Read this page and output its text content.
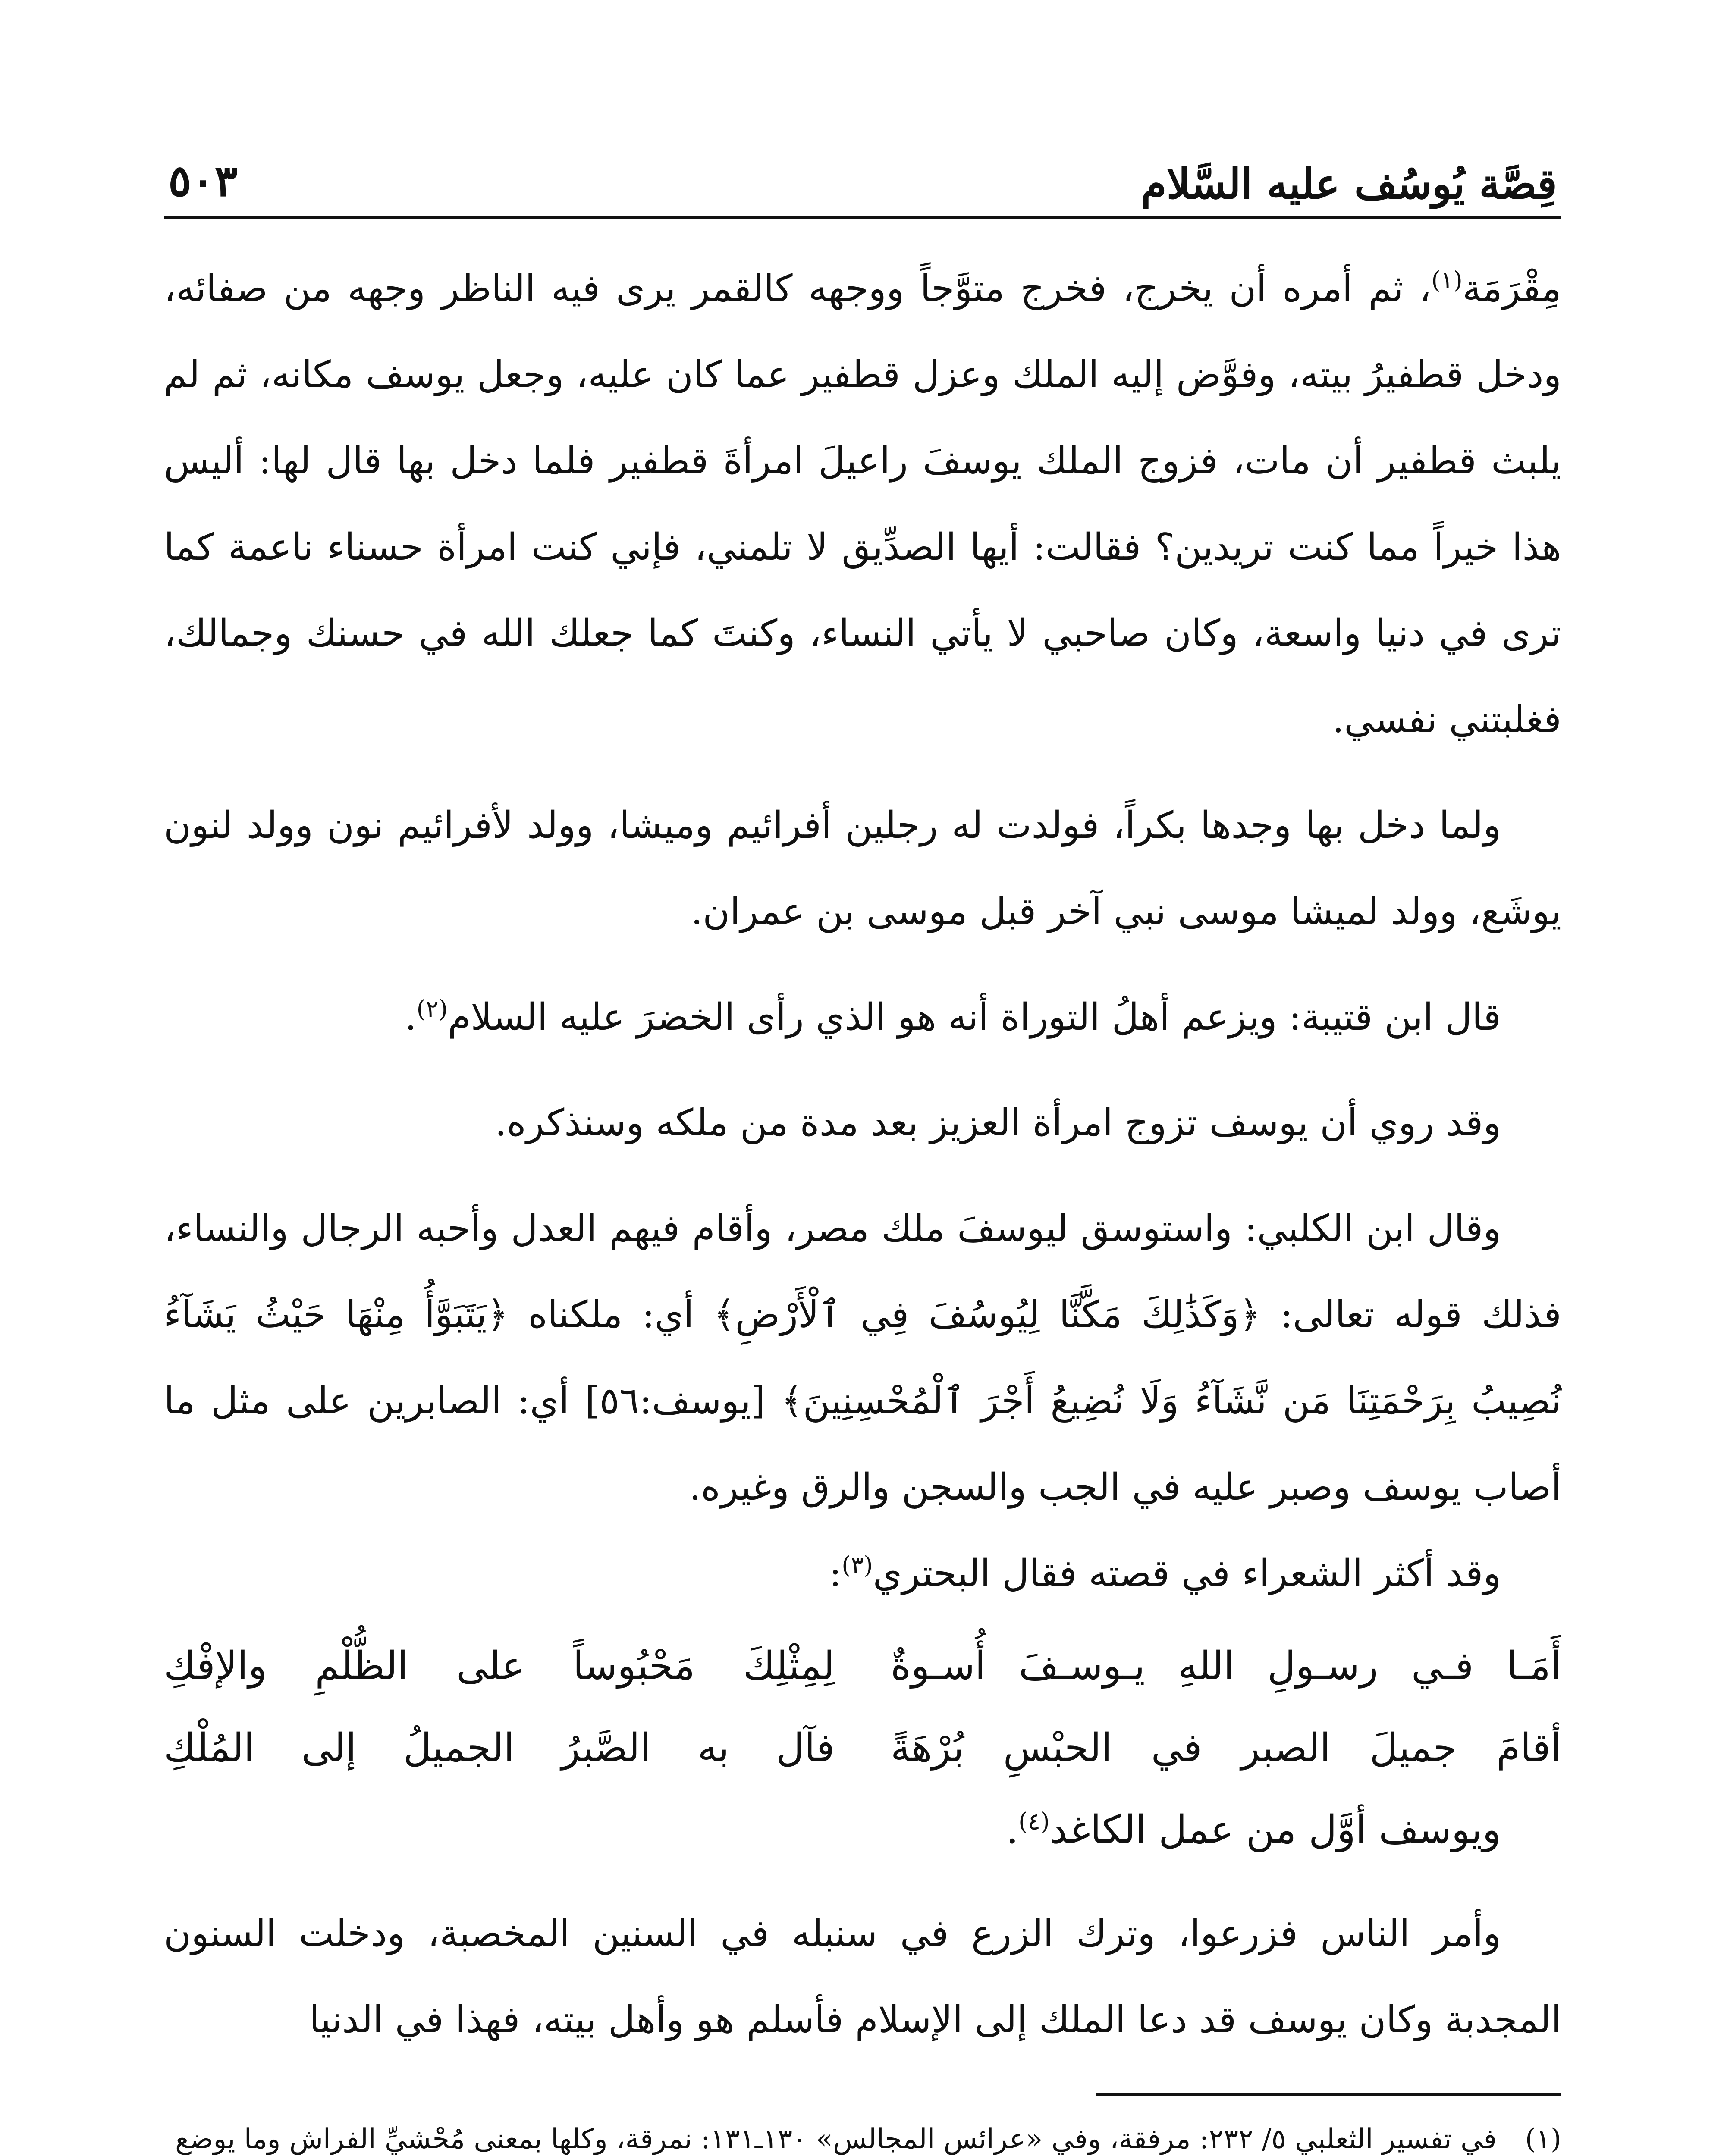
قِصَّة يُوسُف عليه السَّلام
٥٠٣

مِقْرَمَة$^{(١)}$، ثم أمره أن يخرج، فخرج متوَّجاً ووجهه كالقمر يرى فيه الناظر وجهه من صفائه، ودخل قطفيرُ بيته، وفوَّض إليه الملك وعزل قطفير عما كان عليه، وجعل يوسف مكانه، ثم لم يلبث قطفير أن مات، فزوج الملك يوسفَ راعيلَ امرأةَ قطفير فلما دخل بها قال لها: أليس هذا خيراً مما كنت تريدين؟ فقالت: أيها الصدِّيق لا تلمني، فإني كنت امرأة حسناء ناعمة كما ترى في دنيا واسعة، وكان صاحبي لا يأتي النساء، وكنتَ كما جعلك الله في حسنك وجمالك، فغلبتني نفسي.

ولما دخل بها وجدها بكراً، فولدت له رجلين أفرائيم وميشا، وولد لأفرائيم نون وولد لنون يوشَع، وولد لميشا موسى نبي آخر قبل موسى بن عمران.

قال ابن قتيبة: ويزعم أهلُ التوراة أنه هو الذي رأى الخضرَ عليه السلام$^{(٢)}$.

وقد روي أن يوسف تزوج امرأة العزيز بعد مدة من ملكه وسنذكره.

وقال ابن الكلبي: واستوسق ليوسفَ ملك مصر، وأقام فيهم العدل وأحبه الرجال والنساء، فذلك قوله تعالى: ﴿وَكَذَٰلِكَ مَكَّنَّا لِيُوسُفَ فِي ٱلْأَرْضِ﴾ أي: ملكناه ﴿يَتَبَوَّأُ مِنْهَا حَيْثُ يَشَآءُ نُصِيبُ بِرَحْمَتِنَا مَن نَّشَآءُ وَلَا نُضِيعُ أَجْرَ ٱلْمُحْسِنِينَ﴾ [يوسف:٥٦] أي: الصابرين على مثل ما أصاب يوسف وصبر عليه في الجب والسجن والرق وغيره.

وقد أكثر الشعراء في قصته فقال البحتري$^{(٣)}$:

أَمَـا فـي رسـولِ اللهِ يـوسـفَ أُسـوةٌ
لِمِثْلِكَ مَحْبُوساً على الظُّلْمِ والإفْكِ
أقامَ جميلَ الصبر في الحبْسِ بُرْهَةً
فآل به الصَّبرُ الجميلُ إلى المُلْكِ
ويوسف أوَّل من عمل الكاغد$^{(٤)}$.

وأمر الناس فزرعوا، وترك الزرع في سنبله في السنين المخصبة، ودخلت السنون المجدبة وكان يوسف قد دعا الملك إلى الإسلام فأسلم هو وأهل بيته، فهذا في الدنيا

(١)
في تفسير الثعلبي ٥/ ٢٣٢: مرفقة، وفي «عرائس المجالس» ١٣٠ـ١٣١: نمرقة، وكلها بمعنى مُحْشيِّ الفراش وما يوضع
